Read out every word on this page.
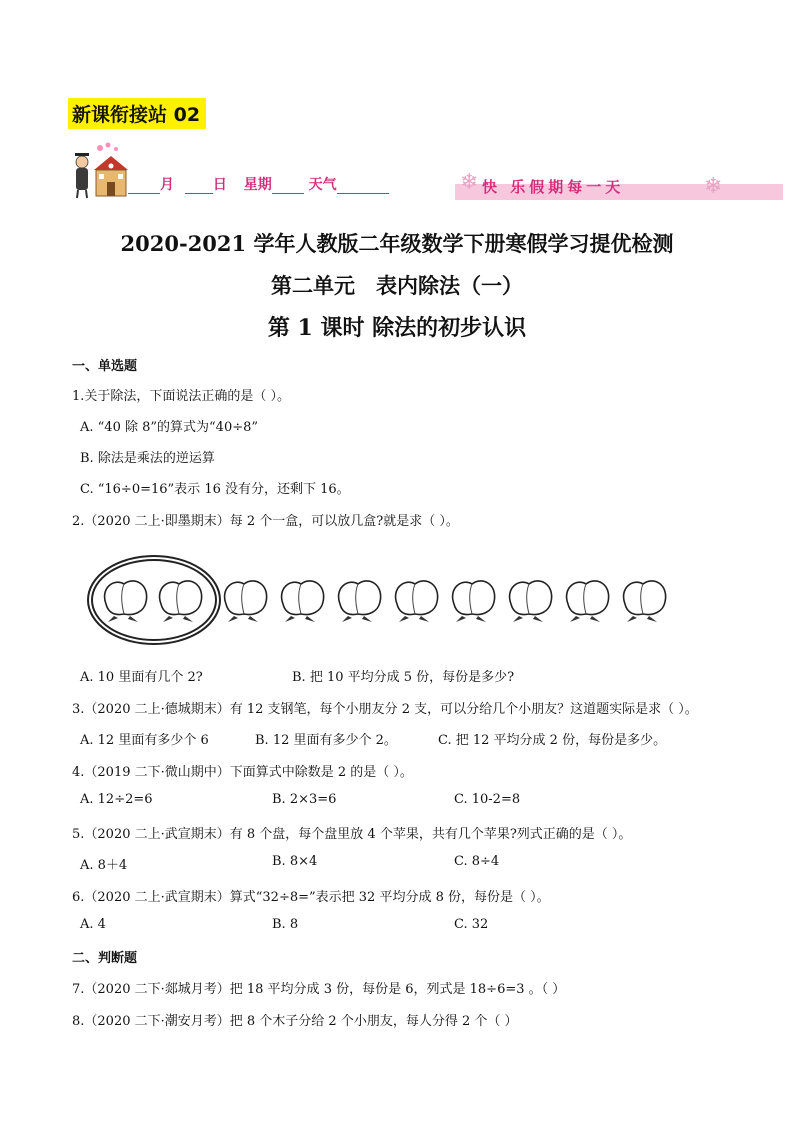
新课衔接站 02
月	日 星期	天气	❄ 快 乐假期每一天	❄
2020-2021 学年人教版二年级数学下册寒假学习提优检测
第二单元　表内除法（一）
第 1 课时 除法的初步认识
一、单选题
1.关于除法，下面说法正确的是（ ）。
A. “40 除 8”的算式为“40÷8”
B. 除法是乘法的逆运算
C. “16÷0=16”表示 16 没有分，还剩下 16。
2.（2020 二上·即墨期末）每 2 个一盒，可以放几盒?就是求（ ）。
A. 10 里面有几个 2?	B. 把 10 平均分成 5 份，每份是多少?
3.（2020 二上·德城期末）有 12 支钢笔，每个小朋友分 2 支，可以分给几个小朋友？这道题实际是求（ ）。
A. 12 里面有多少个 6	B. 12 里面有多少个 2。	C. 把 12 平均分成 2 份，每份是多少。
4.（2019 二下·微山期中）下面算式中除数是 2 的是（ ）。
A. 12÷2=6	B. 2×3=6	C. 10-2=8
5.（2020 二上·武宣期末）有 8 个盘，每个盘里放 4 个苹果，共有几个苹果?列式正确的是（ ）。
A. 8＋4	B. 8×4	C. 8÷4
6.（2020 二上·武宣期末）算式“32÷8=”表示把 32 平均分成 8 份，每份是（ ）。
A. 4	B. 8	C. 32
二、判断题
7.（2020 二下·郯城月考）把 18 平均分成 3 份，每份是 6，列式是 18÷6=3 。（ ）
8.（2020 二下·潮安月考）把 8 个木子分给 2 个小朋友，每人分得 2 个（ ）
